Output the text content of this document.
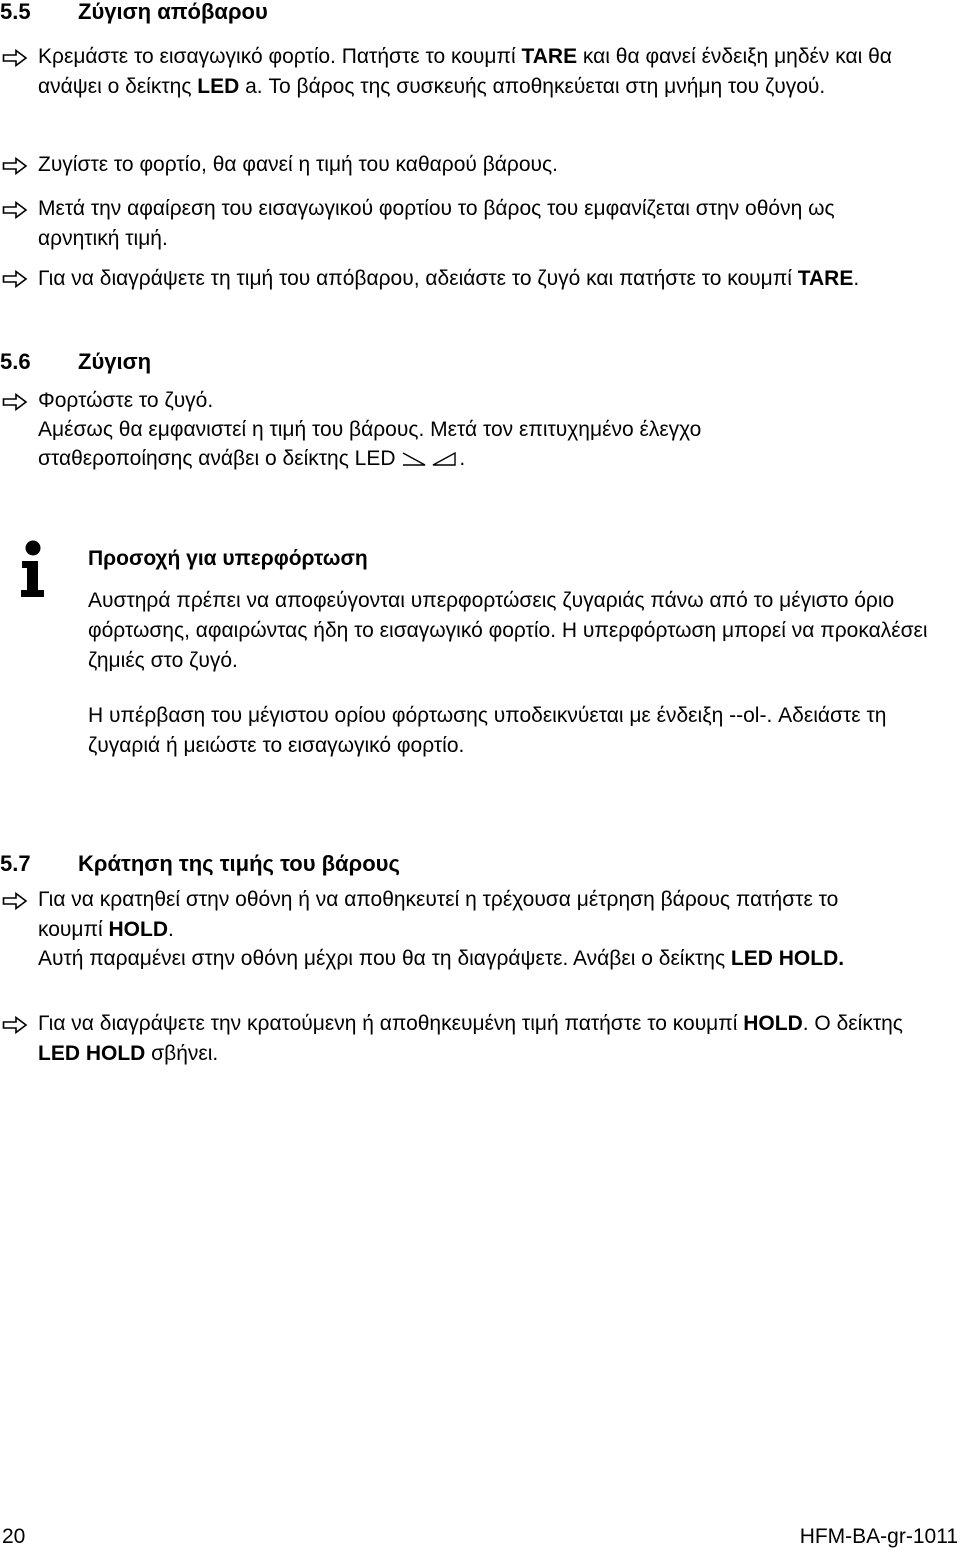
5.5 Ζύγιση απόβαρου
Κρεμάστε το εισαγωγικό φορτίο. Πατήστε το κουμπί TARE και θα φανεί ένδειξη μηδέν και θα ανάψει ο δείκτης LED a. Το βάρος της συσκευής αποθηκεύεται στη μνήμη του ζυγού.
Ζυγίστε το φορτίο, θα φανεί η τιμή του καθαρού βάρους.
Μετά την αφαίρεση του εισαγωγικού φορτίου το βάρος του εμφανίζεται στην οθόνη ως αρνητική τιμή.
Για να διαγράψετε τη τιμή του απόβαρου, αδειάστε το ζυγό και πατήστε το κουμπί TARE.
5.6 Ζύγιση
Φορτώστε το ζυγό.
Αμέσως θα εμφανιστεί η τιμή του βάρους. Μετά τον επιτυχημένο έλεγχο
σταθεροποίησης ανάβει ο δείκτης LED	.
Προσοχή για υπερφόρτωση
Αυστηρά πρέπει να αποφεύγονται υπερφορτώσεις ζυγαριάς πάνω από το μέγιστο όριο φόρτωσης, αφαιρώντας ήδη το εισαγωγικό φορτίο. Η υπερφόρτωση μπορεί να προκαλέσει ζημιές στο ζυγό.
Η υπέρβαση του μέγιστου ορίου φόρτωσης υποδεικνύεται με ένδειξη --ol-. Αδειάστε τη ζυγαριά ή μειώστε το εισαγωγικό φορτίο.
5.7 Κράτηση της τιμής του βάρους
Για να κρατηθεί στην οθόνη ή να αποθηκευτεί η τρέχουσα μέτρηση βάρους πατήστε το κουμπί HOLD.
Αυτή παραμένει στην οθόνη μέχρι που θα τη διαγράψετε. Ανάβει ο δείκτης LED HOLD.
Για να διαγράψετε την κρατούμενη ή αποθηκευμένη τιμή πατήστε το κουμπί HOLD. Ο δείκτης LED HOLD σβήνει.
20	HFM-BA-gr-1011
